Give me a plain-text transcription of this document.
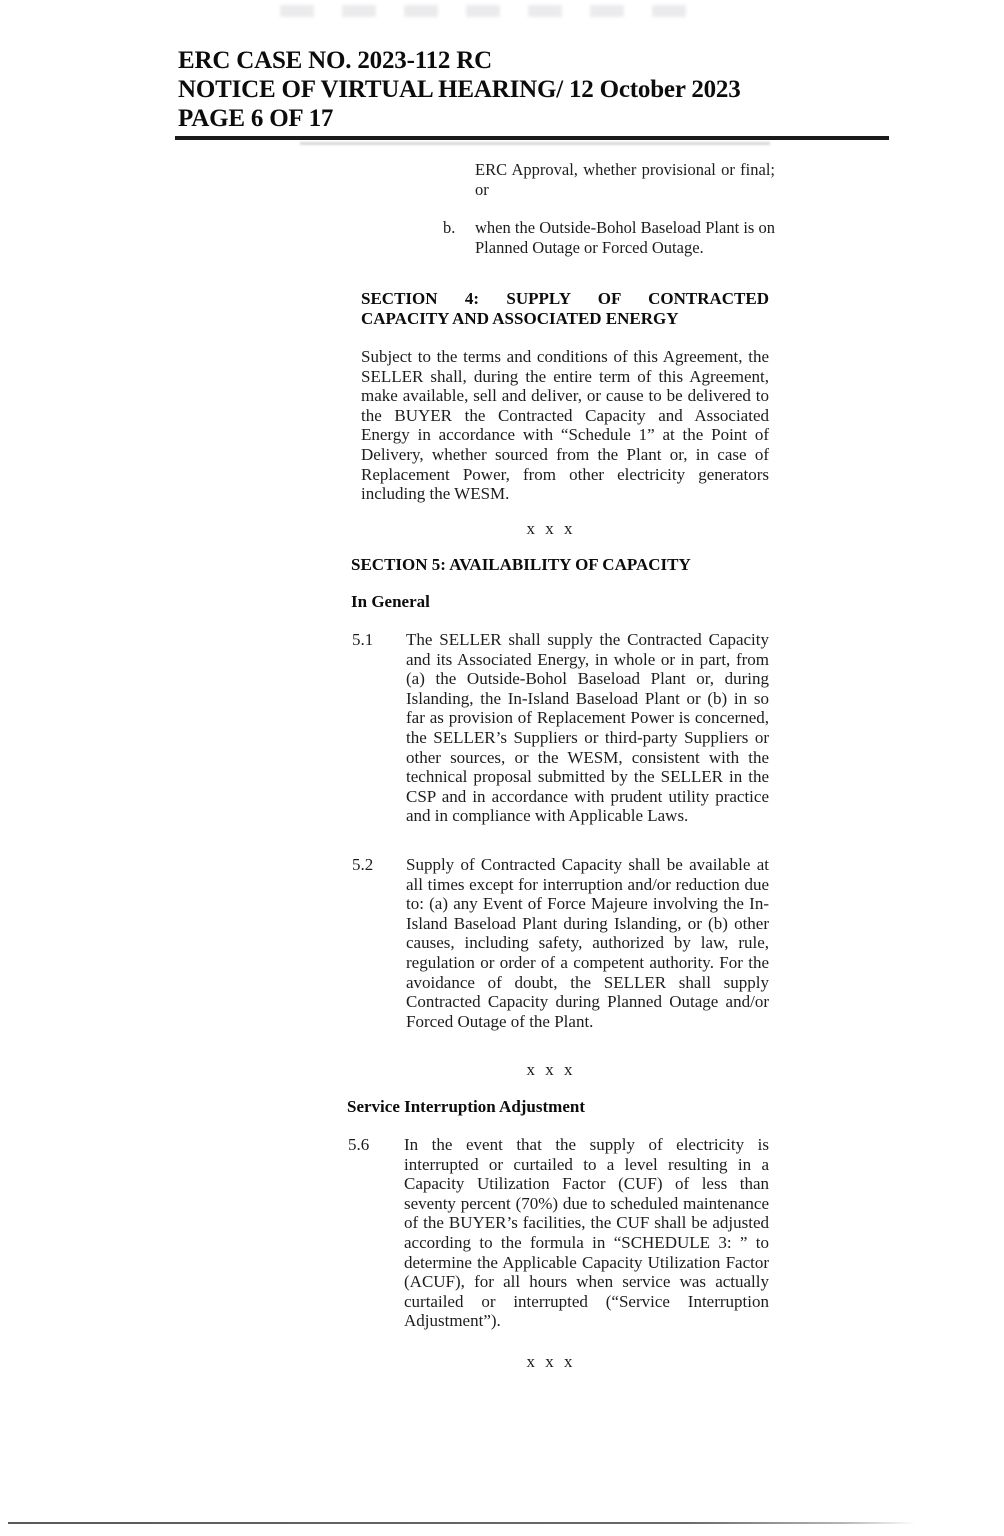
ERC CASE NO. 2023-112 RC
NOTICE OF VIRTUAL HEARING/ 12 October 2023
PAGE 6 OF 17
ERC Approval, whether provisional or final; or
b. when the Outside-Bohol Baseload Plant is on Planned Outage or Forced Outage.
SECTION 4: SUPPLY OF CONTRACTED
CAPACITY AND ASSOCIATED ENERGY
Subject to the terms and conditions of this Agreement, the SELLER shall, during the entire term of this Agreement, make available, sell and deliver, or cause to be delivered to the BUYER the Contracted Capacity and Associated Energy in accordance with “Schedule 1” at the Point of Delivery, whether sourced from the Plant or, in case of Replacement Power, from other electricity generators including the WESM.
x x x
SECTION 5: AVAILABILITY OF CAPACITY
In General
5.1 The SELLER shall supply the Contracted Capacity and its Associated Energy, in whole or in part, from (a) the Outside-Bohol Baseload Plant or, during Islanding, the In-Island Baseload Plant or (b) in so far as provision of Replacement Power is concerned, the SELLER’s Suppliers or third-party Suppliers or other sources, or the WESM, consistent with the technical proposal submitted by the SELLER in the CSP and in accordance with prudent utility practice and in compliance with Applicable Laws.
5.2 Supply of Contracted Capacity shall be available at all times except for interruption and/or reduction due to: (a) any Event of Force Majeure involving the In-Island Baseload Plant during Islanding, or (b) other causes, including safety, authorized by law, rule, regulation or order of a competent authority. For the avoidance of doubt, the SELLER shall supply Contracted Capacity during Planned Outage and/or Forced Outage of the Plant.
x x x
Service Interruption Adjustment
5.6 In the event that the supply of electricity is interrupted or curtailed to a level resulting in a Capacity Utilization Factor (CUF) of less than seventy percent (70%) due to scheduled maintenance of the BUYER’s facilities, the CUF shall be adjusted according to the formula in “SCHEDULE 3: ” to determine the Applicable Capacity Utilization Factor (ACUF), for all hours when service was actually curtailed or interrupted (“Service Interruption Adjustment”).
x x x
